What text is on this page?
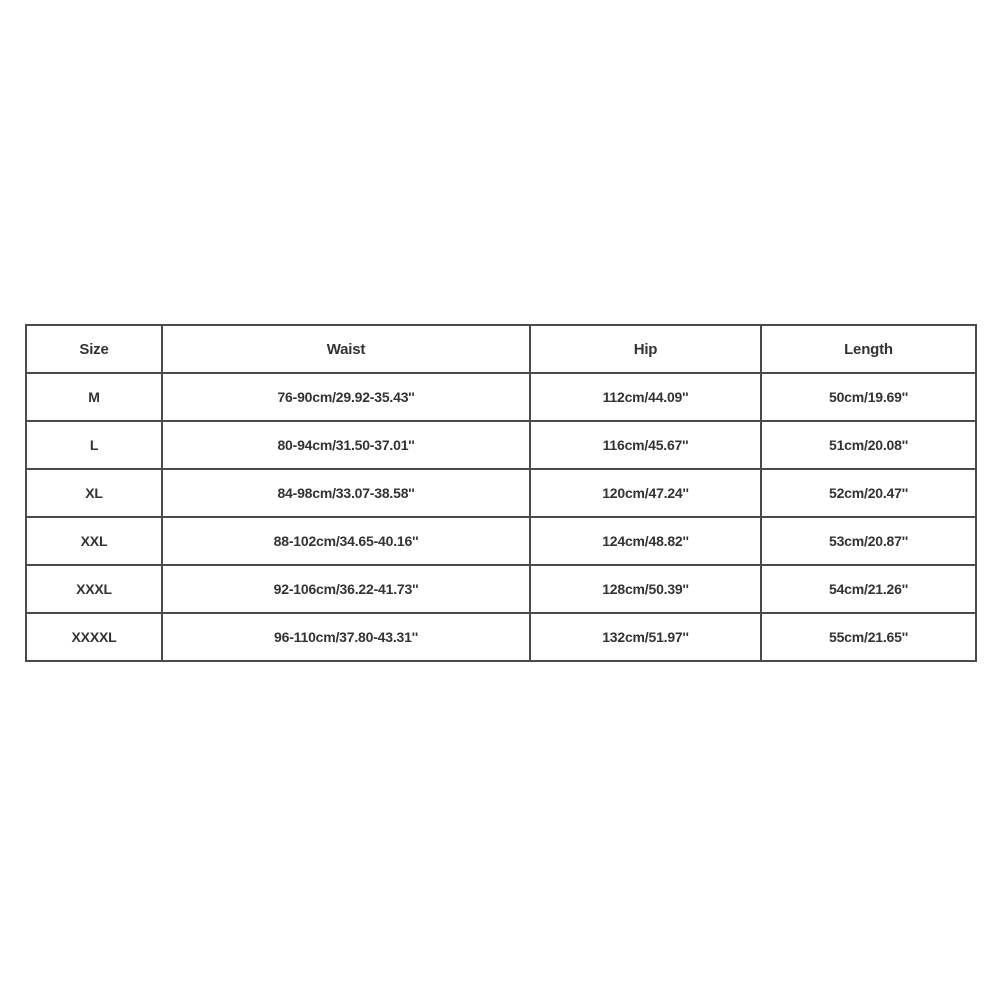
Size	Waist	Hip	Length
M	76-90cm/29.92-35.43''	112cm/44.09''	50cm/19.69''
L	80-94cm/31.50-37.01''	116cm/45.67''	51cm/20.08''
XL	84-98cm/33.07-38.58''	120cm/47.24''	52cm/20.47''
XXL	88-102cm/34.65-40.16''	124cm/48.82''	53cm/20.87''
XXXL	92-106cm/36.22-41.73''	128cm/50.39''	54cm/21.26''
XXXXL	96-110cm/37.80-43.31''	132cm/51.97''	55cm/21.65''
